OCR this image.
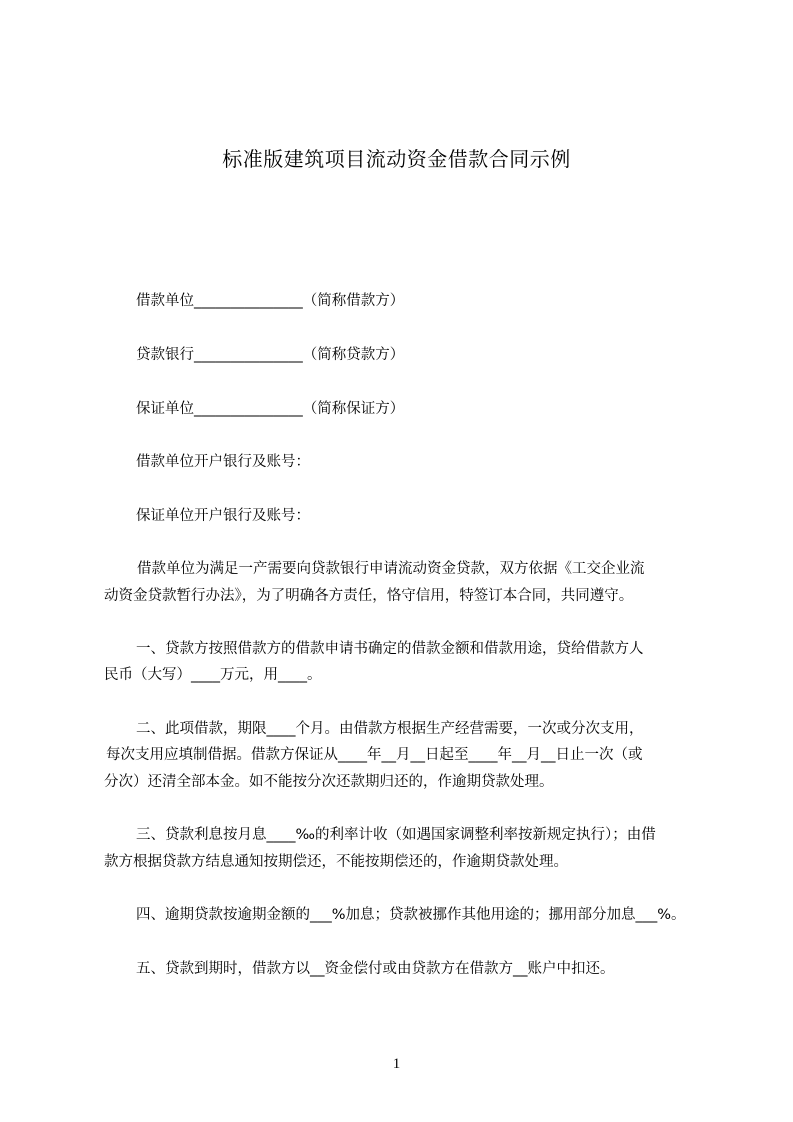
标准版建筑项目流动资金借款合同示例

借款单位_______________（简称借款方）

贷款银行_______________（简称贷款方）

保证单位_______________（简称保证方）

借款单位开户银行及账号：

保证单位开户银行及账号：

借款单位为满足一产需要向贷款银行申请流动资金贷款，双方依据《工交企业流

动资金贷款暂行办法》，为了明确各方责任，恪守信用，特签订本合同，共同遵守。

一、贷款方按照借款方的借款申请书确定的借款金额和借款用途，贷给借款方人

民币（大写）____万元，用____。

二、此项借款，期限____个月。由借款方根据生产经营需要，一次或分次支用，

每次支用应填制借据。借款方保证从____年__月__日起至____年__月__日止一次（或

分次）还清全部本金。如不能按分次还款期归还的，作逾期贷款处理。

三、贷款利息按月息____‰的利率计收（如遇国家调整利率按新规定执行）；由借

款方根据贷款方结息通知按期偿还，不能按期偿还的，作逾期贷款处理。

四、逾期贷款按逾期金额的___%加息；贷款被挪作其他用途的；挪用部分加息___%。

五、贷款到期时，借款方以__资金偿付或由贷款方在借款方__账户中扣还。

1
